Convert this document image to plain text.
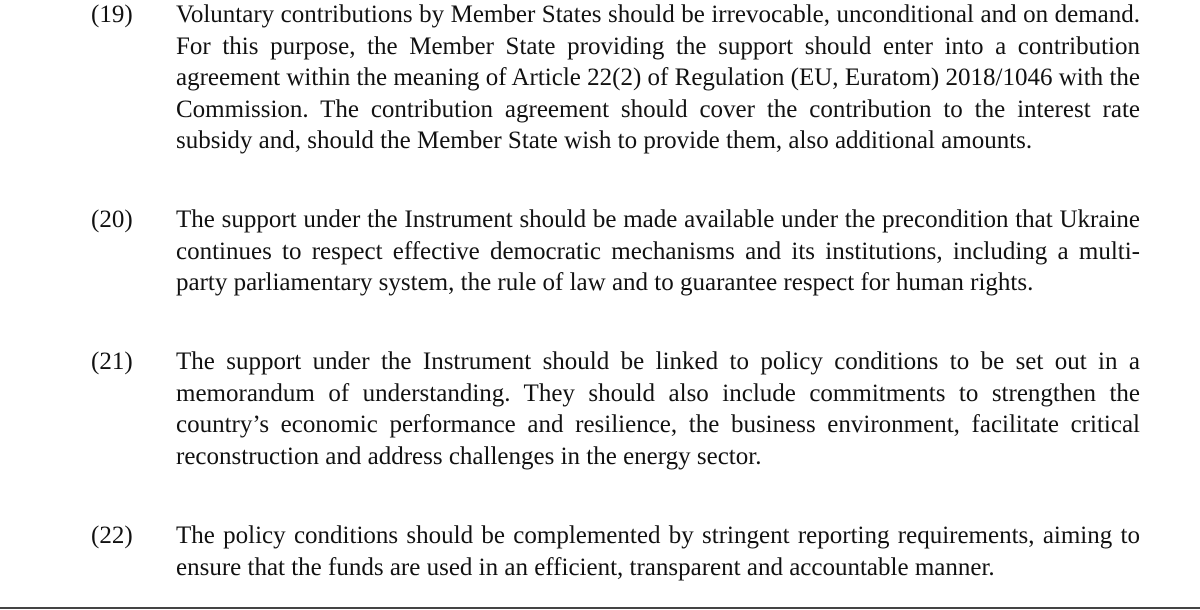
(19) Voluntary contributions by Member States should be irrevocable, unconditional and on demand. For this purpose, the Member State providing the support should enter into a contribution agreement within the meaning of Article 22(2) of Regulation (EU, Euratom) 2018/1046 with the Commission. The contribution agreement should cover the contribution to the interest rate subsidy and, should the Member State wish to provide them, also additional amounts.
(20) The support under the Instrument should be made available under the precondition that Ukraine continues to respect effective democratic mechanisms and its institutions, including a multi-party parliamentary system, the rule of law and to guarantee respect for human rights.
(21) The support under the Instrument should be linked to policy conditions to be set out in a memorandum of understanding. They should also include commitments to strengthen the country’s economic performance and resilience, the business environment, facilitate critical reconstruction and address challenges in the energy sector.
(22) The policy conditions should be complemented by stringent reporting requirements, aiming to ensure that the funds are used in an efficient, transparent and accountable manner.
